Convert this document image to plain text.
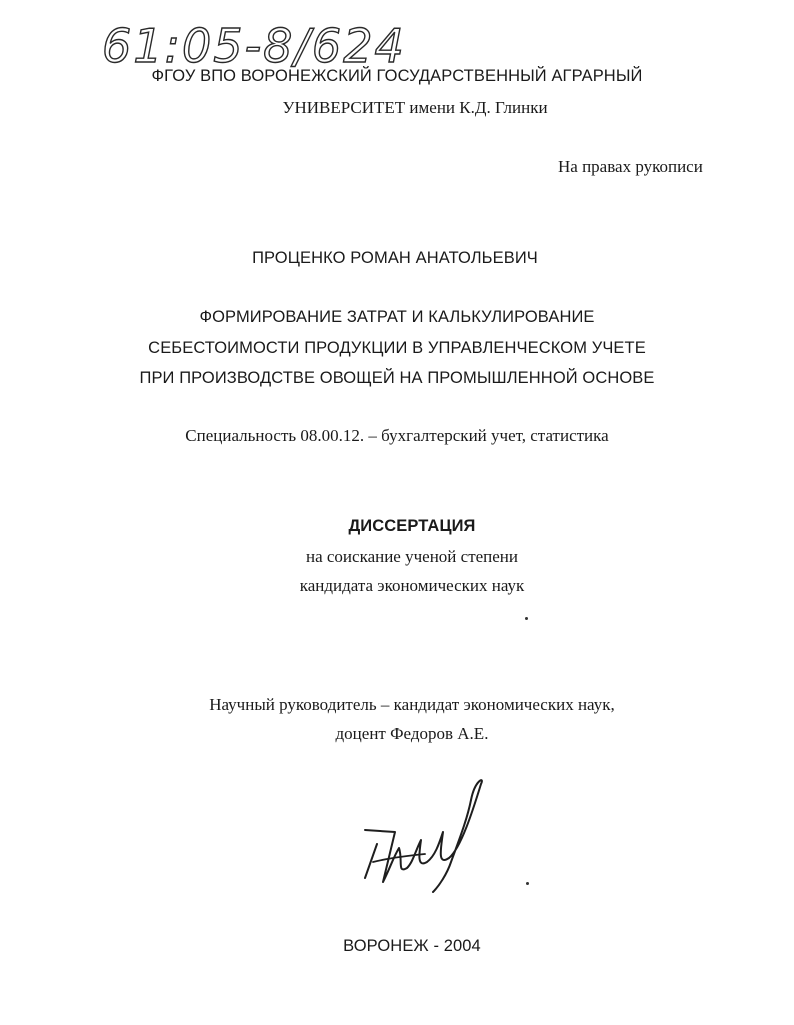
61:05-8/624
ФГОУ ВПО ВОРОНЕЖСКИЙ ГОСУДАРСТВЕННЫЙ АГРАРНЫЙ
УНИВЕРСИТЕТ имени К.Д. Глинки
На правах рукописи
ПРОЦЕНКО РОМАН АНАТОЛЬЕВИЧ
ФОРМИРОВАНИЕ ЗАТРАТ И КАЛЬКУЛИРОВАНИЕ
СЕБЕСТОИМОСТИ ПРОДУКЦИИ В УПРАВЛЕНЧЕСКОМ УЧЕТЕ
ПРИ ПРОИЗВОДСТВЕ ОВОЩЕЙ НА ПРОМЫШЛЕННОЙ ОСНОВЕ
Специальность 08.00.12. – бухгалтерский учет, статистика
ДИССЕРТАЦИЯ
на соискание ученой степени
кандидата экономических наук
Научный руководитель – кандидат экономических наук,
доцент Федоров А.Е.
ВОРОНЕЖ - 2004
